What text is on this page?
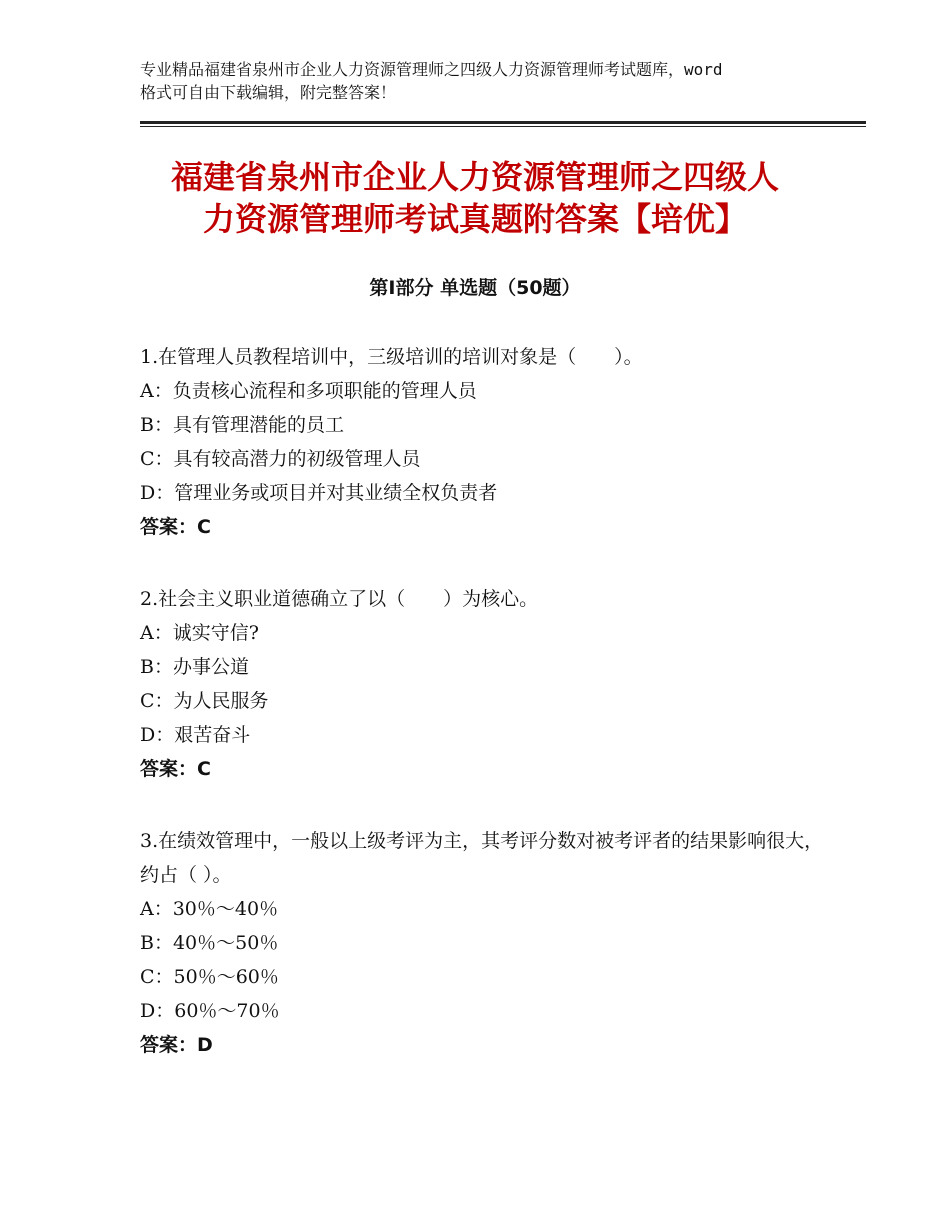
专业精品福建省泉州市企业人力资源管理师之四级人力资源管理师考试题库，word
格式可自由下载编辑，附完整答案！
福建省泉州市企业人力资源管理师之四级人
力资源管理师考试真题附答案【培优】
第Ⅰ部分 单选题（50题）

1.在管理人员教程培训中，三级培训的培训对象是（　　）。

A：负责核心流程和多项职能的管理人员

B：具有管理潜能的员工

C：具有较高潜力的初级管理人员

D：管理业务或项目并对其业绩全权负责者

答案：C

2.社会主义职业道德确立了以（　　）为核心。

A：诚实守信?

B：办事公道

C：为人民服务

D：艰苦奋斗

答案：C

3.在绩效管理中，一般以上级考评为主，其考评分数对被考评者的结果影响很大，约占（ ）。

A：30％～40％

B：40％～50％

C：50％～60％

D：60％～70％

答案：D
